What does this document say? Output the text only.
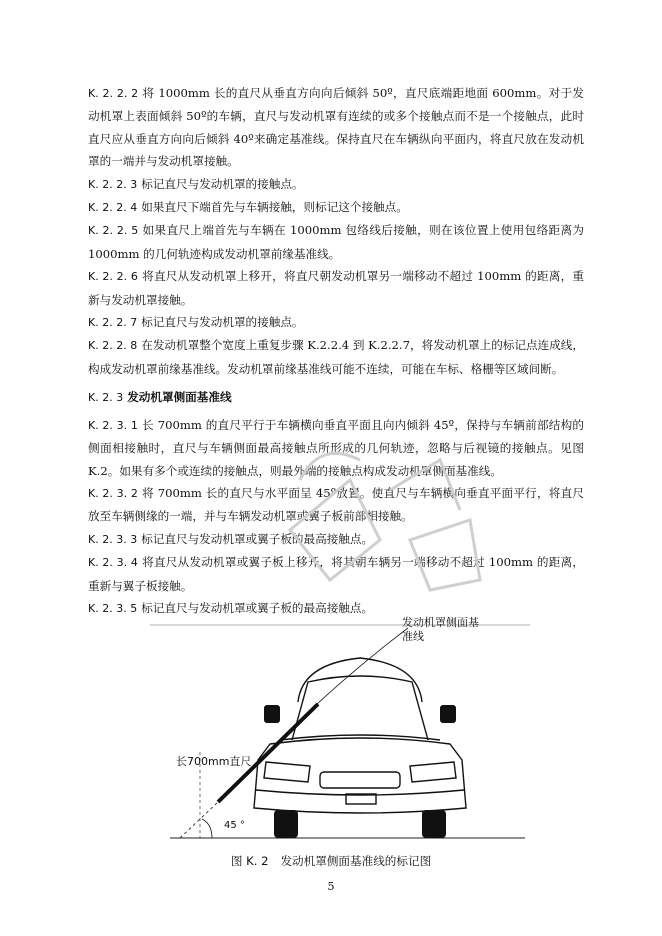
K. 2. 2. 2 将 1000mm 长的直尺从垂直方向向后倾斜 50º，直尺底端距地面 600mm。对于发动机罩上表面倾斜 50º的车辆，直尺与发动机罩有连续的或多个接触点而不是一个接触点，此时直尺应从垂直方向向后倾斜 40º来确定基准线。保持直尺在车辆纵向平面内，将直尺放在发动机罩的一端并与发动机罩接触。

K. 2. 2. 3 标记直尺与发动机罩的接触点。

K. 2. 2. 4 如果直尺下端首先与车辆接触，则标记这个接触点。

K. 2. 2. 5 如果直尺上端首先与车辆在 1000mm 包络线后接触，则在该位置上使用包络距离为 1000mm 的几何轨迹构成发动机罩前缘基准线。

K. 2. 2. 6 将直尺从发动机罩上移开，将直尺朝发动机罩另一端移动不超过 100mm 的距离，重新与发动机罩接触。

K. 2. 2. 7 标记直尺与发动机罩的接触点。

K. 2. 2. 8 在发动机罩整个宽度上重复步骤 K.2.2.4 到 K.2.2.7，将发动机罩上的标记点连成线，构成发动机罩前缘基准线。发动机罩前缘基准线可能不连续，可能在车标、格栅等区域间断。

K. 2. 3 发动机罩侧面基准线

K. 2. 3. 1 长 700mm 的直尺平行于车辆横向垂直平面且向内倾斜 45º，保持与车辆前部结构的侧面相接触时，直尺与车辆侧面最高接触点所形成的几何轨迹，忽略与后视镜的接触点。见图 K.2。如果有多个或连续的接触点，则最外端的接触点构成发动机罩侧面基准线。

K. 2. 3. 2 将 700mm 长的直尺与水平面呈 45º放置。使直尺与车辆横向垂直平面平行，将直尺放至车辆侧缘的一端，并与车辆发动机罩或翼子板前部相接触。

K. 2. 3. 3 标记直尺与发动机罩或翼子板的最高接触点。

K. 2. 3. 4 将直尺从发动机罩或翼子板上移开，将其朝车辆另一端移动不超过 100mm 的距离，重新与翼子板接触。

K. 2. 3. 5 标记直尺与发动机罩或翼子板的最高接触点。

发动机罩侧面基
准线
长700mm直尺
45 °
图 K. 2 发动机罩侧面基准线的标记图
5
